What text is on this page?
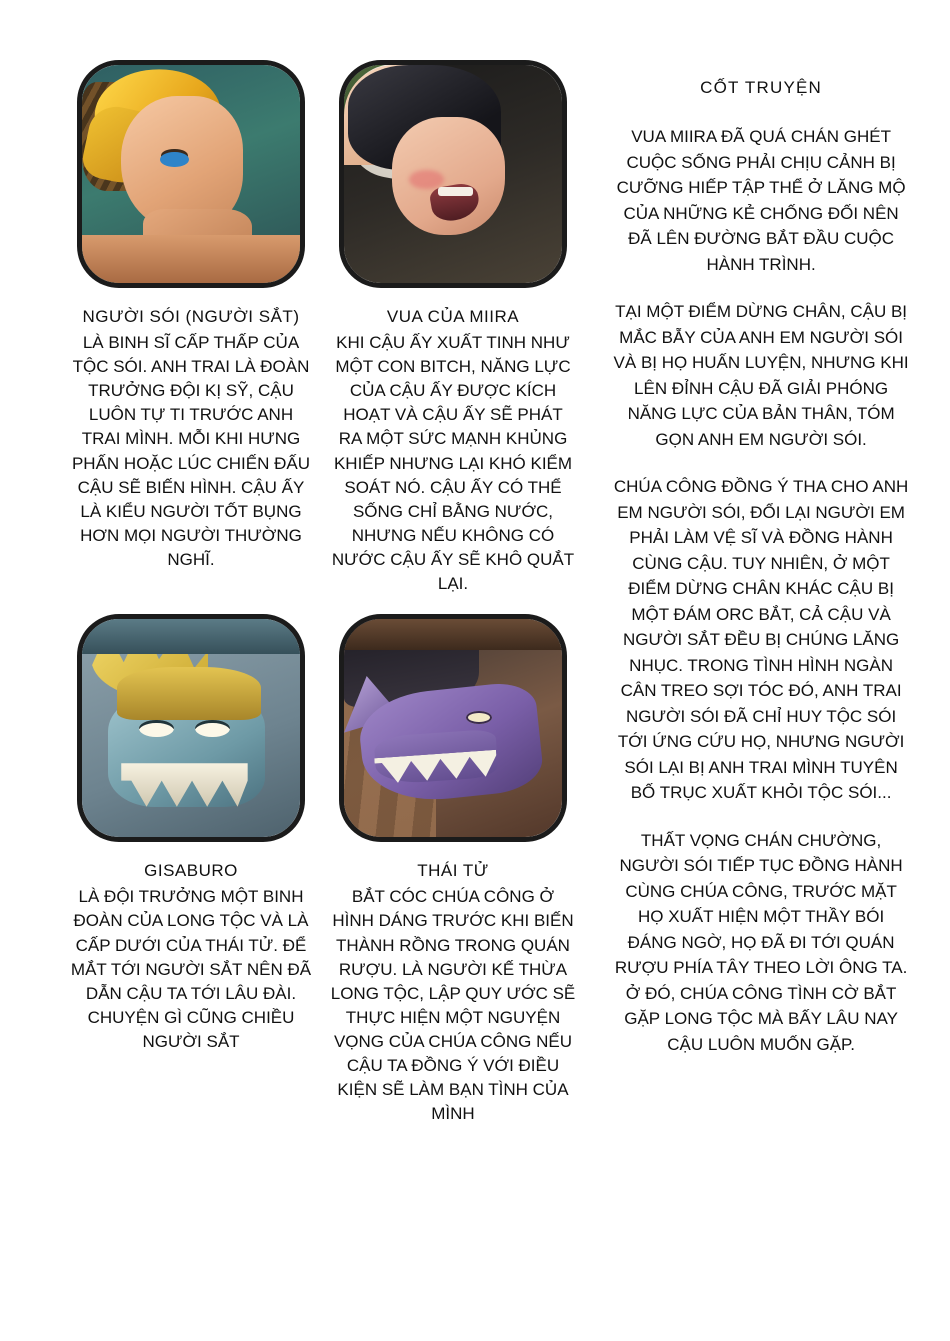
NGƯỜI SÓI (NGƯỜI SẮT)
LÀ BINH SĨ CẤP THẤP CỦA TỘC SÓI. ANH TRAI LÀ ĐOÀN TRƯỞNG ĐỘI KỊ SỸ, CẬU LUÔN TỰ TI TRƯỚC ANH TRAI MÌNH. MỖI KHI HƯNG PHẤN HOẶC LÚC CHIẾN ĐẤU CẬU SẼ BIẾN HÌNH. CẬU ẤY LÀ KIỂU NGƯỜI TỐT BỤNG HƠN MỌI NGƯỜI THƯỜNG NGHĨ.
VUA CỦA MIIRA
KHI CẬU ẤY XUẤT TINH NHƯ MỘT CON BITCH, NĂNG LỰC CỦA CẬU ẤY ĐƯỢC KÍCH HOẠT VÀ CẬU ẤY SẼ PHÁT RA MỘT SỨC MẠNH KHỦNG KHIẾP NHƯNG LẠI KHÓ KIỂM SOÁT NÓ. CẬU ẤY CÓ THỂ SỐNG CHỈ BẰNG NƯỚC, NHƯNG NẾU KHÔNG CÓ NƯỚC CẬU ẤY SẼ KHÔ QUẮT LẠI.
GISABURO
LÀ ĐỘI TRƯỞNG MỘT BINH ĐOÀN CỦA LONG TỘC VÀ LÀ CẤP DƯỚI CỦA THÁI TỬ. ĐỂ MẮT TỚI NGƯỜI SẮT NÊN ĐÃ DẪN CẬU TA TỚI LÂU ĐÀI. CHUYỆN GÌ CŨNG CHIỀU NGƯỜI SẮT
THÁI TỬ
BẮT CÓC CHÚA CÔNG Ở HÌNH DÁNG TRƯỚC KHI BIẾN THÀNH RỒNG TRONG QUÁN RƯỢU. LÀ NGƯỜI KẾ THỪA LONG TỘC, LẬP QUY ƯỚC SẼ THỰC HIỆN MỘT NGUYỆN VỌNG CỦA CHÚA CÔNG NẾU CẬU TA ĐỒNG Ý VỚI ĐIỀU KIỆN SẼ LÀM BẠN TÌNH CỦA MÌNH
CỐT TRUYỆN
VUA MIIRA ĐÃ QUÁ CHÁN GHÉT CUỘC SỐNG PHẢI CHỊU CẢNH BỊ CƯỠNG HIẾP TẬP THỂ Ở LĂNG MỘ CỦA NHỮNG KẺ CHỐNG ĐỐI NÊN ĐÃ LÊN ĐƯỜNG BẮT ĐẦU CUỘC HÀNH TRÌNH.
TẠI MỘT ĐIỂM DỪNG CHÂN, CẬU BỊ MẮC BẪY CỦA ANH EM NGƯỜI SÓI VÀ BỊ HỌ HUẤN LUYỆN, NHƯNG KHI LÊN ĐỈNH CẬU ĐÃ GIẢI PHÓNG NĂNG LỰC CỦA BẢN THÂN, TÓM GỌN ANH EM NGƯỜI SÓI.
CHÚA CÔNG ĐỒNG Ý THA CHO ANH EM NGƯỜI SÓI, ĐỔI LẠI NGƯỜI EM PHẢI LÀM VỆ SĨ VÀ ĐỒNG HÀNH CÙNG CẬU. TUY NHIÊN, Ở MỘT ĐIỂM DỪNG CHÂN KHÁC CẬU BỊ MỘT ĐÁM ORC BẮT, CẢ CẬU VÀ NGƯỜI SẮT ĐỀU BỊ CHÚNG LĂNG NHỤC. TRONG TÌNH HÌNH NGÀN CÂN TREO SỢI TÓC ĐÓ, ANH TRAI NGƯỜI SÓI ĐÃ CHỈ HUY TỘC SÓI TỚI ỨNG CỨU HỌ, NHƯNG NGƯỜI SÓI LẠI BỊ ANH TRAI MÌNH TUYÊN BỐ TRỤC XUẤT KHỎI TỘC SÓI...
THẤT VỌNG CHÁN CHƯỜNG, NGƯỜI SÓI TIẾP TỤC ĐỒNG HÀNH CÙNG CHÚA CÔNG, TRƯỚC MẶT HỌ XUẤT HIỆN MỘT THẦY BÓI ĐÁNG NGỜ, HỌ ĐÃ ĐI TỚI QUÁN RƯỢU PHÍA TÂY THEO LỜI ÔNG TA. Ở ĐÓ, CHÚA CÔNG TÌNH CỜ BẮT GẶP LONG TỘC MÀ BẤY LÂU NAY CẬU LUÔN MUỐN GẶP.
